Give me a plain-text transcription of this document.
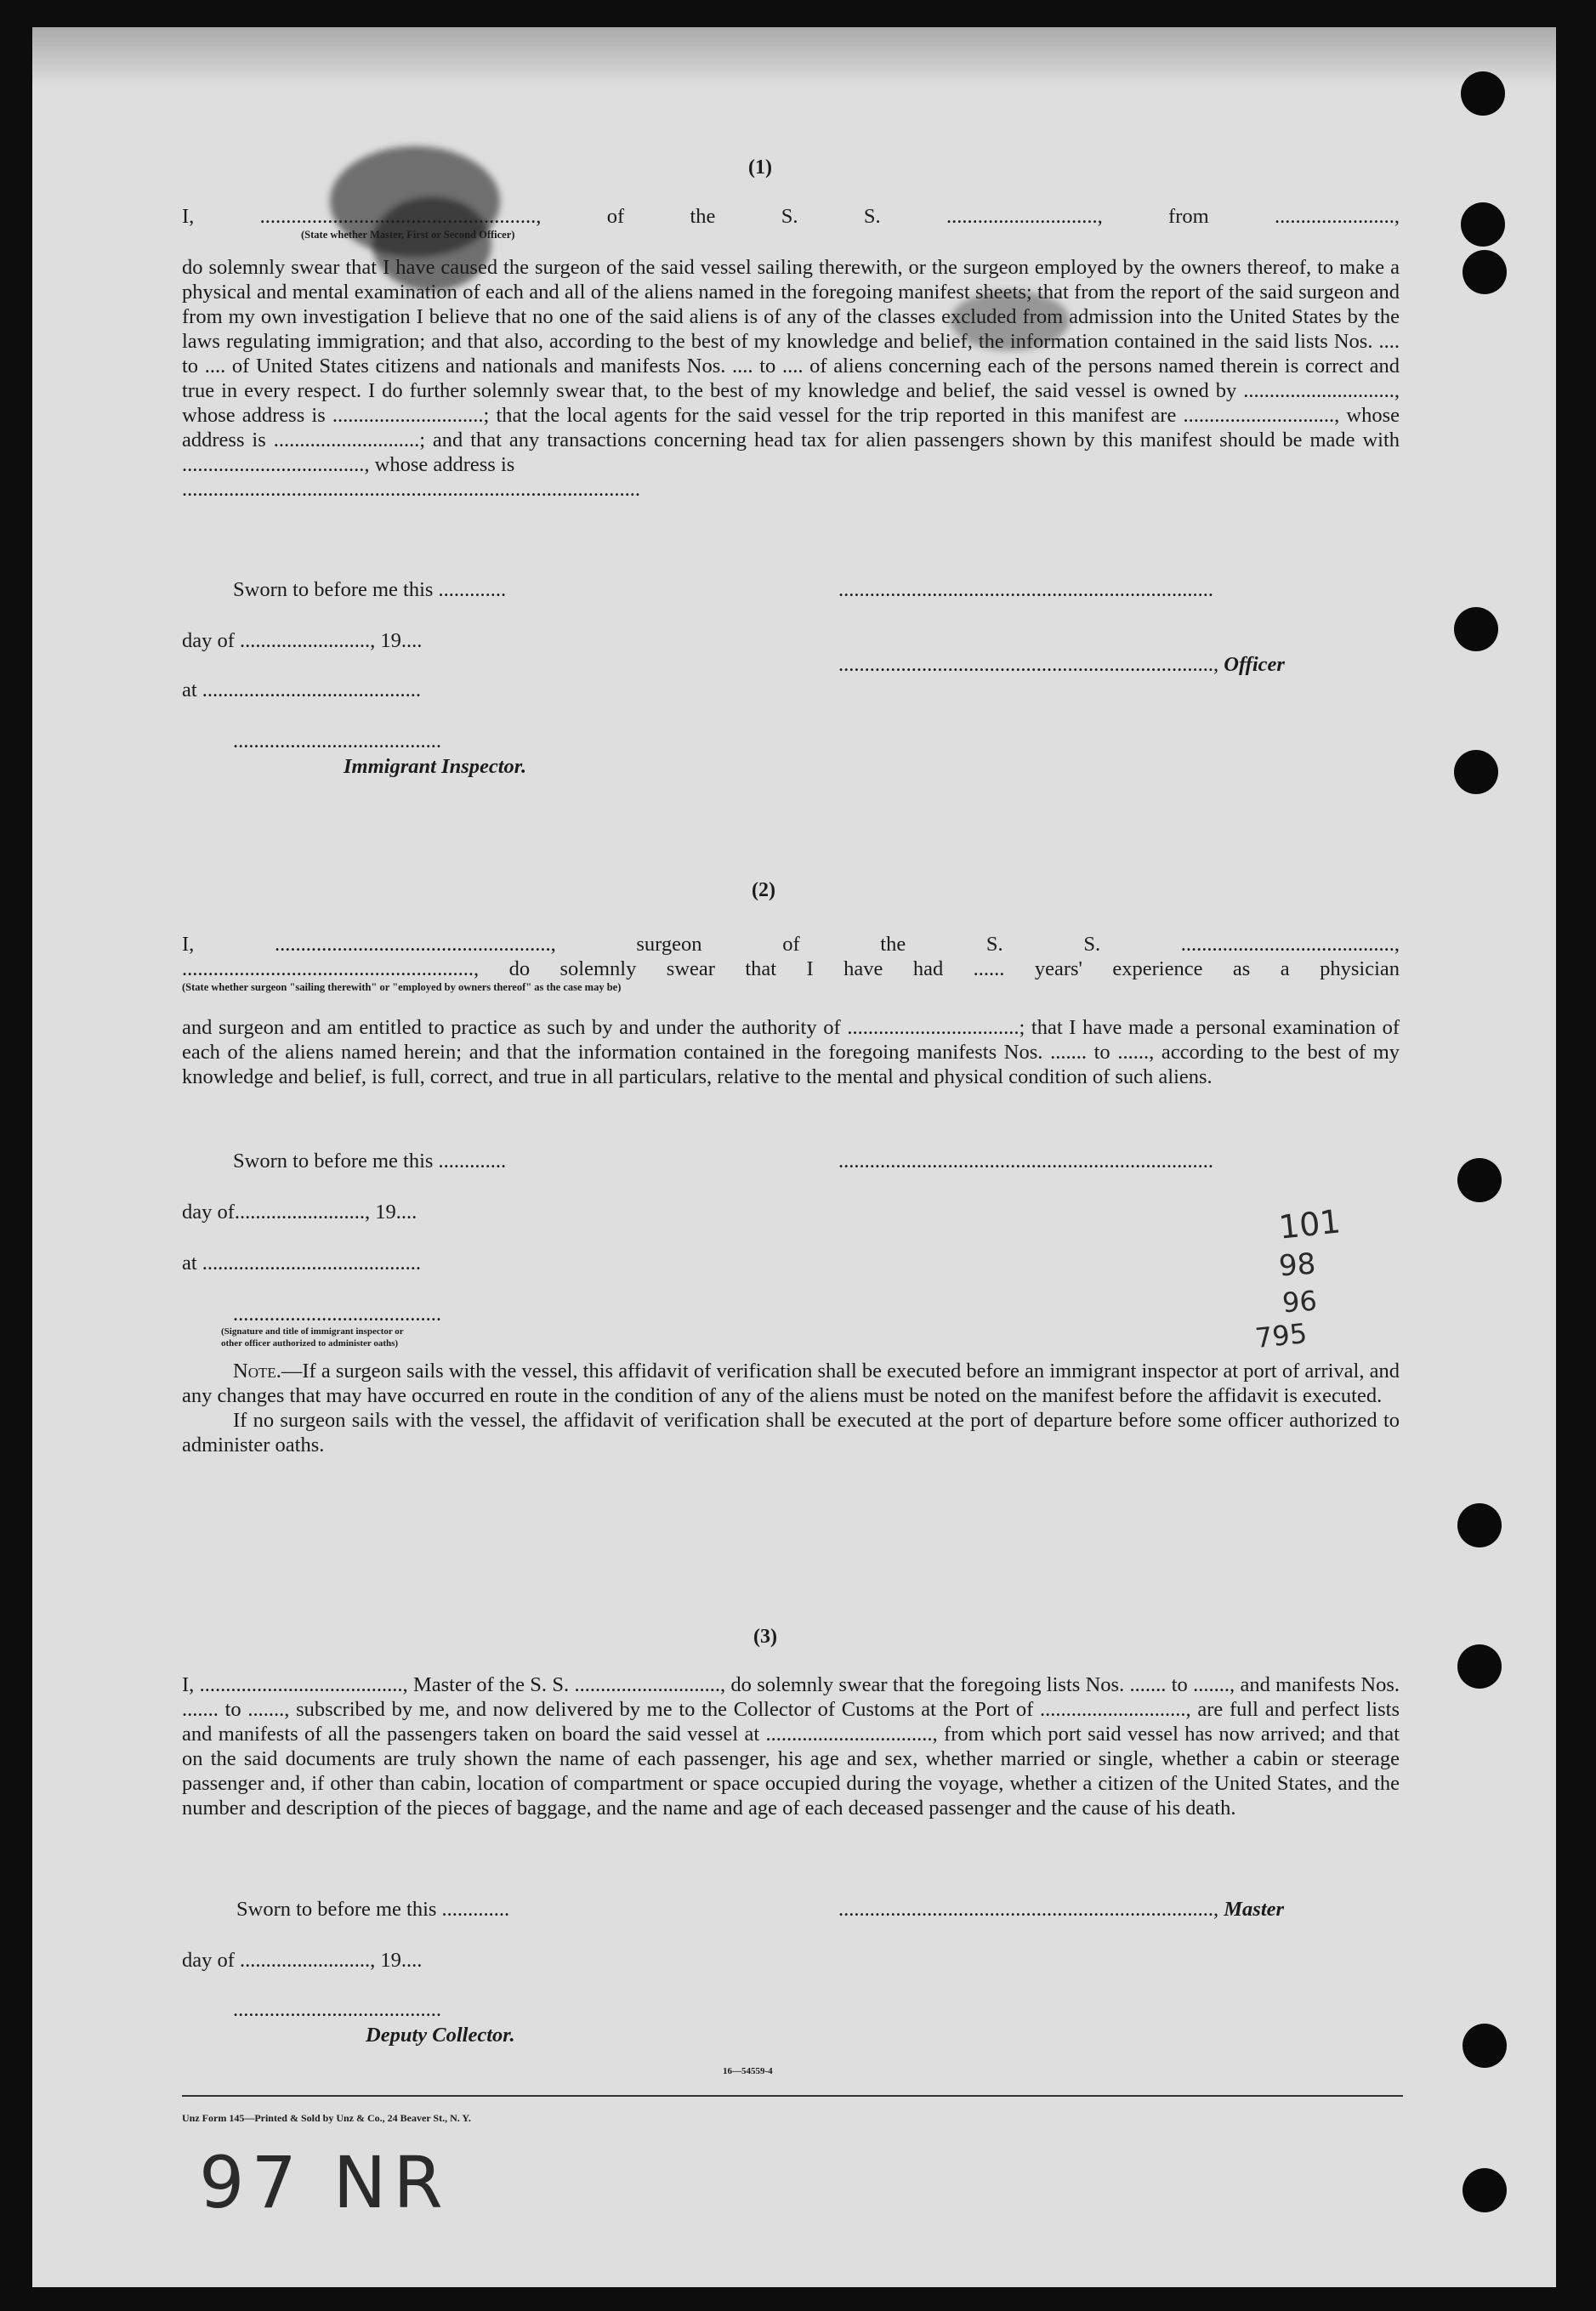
(1)

I, ....................................................., of the S. S. ............................., from .......................,

(State whether Master, First or Second Officer)

do solemnly swear that I have caused the surgeon of the said vessel sailing therewith, or the surgeon employed by the owners thereof, to make a physical and mental examination of each and all of the aliens named in the foregoing manifest sheets; that from the report of the said surgeon and from my own investigation I believe that no one of the said aliens is of any of the classes excluded from admission into the United States by the laws regulating immigration; and that also, according to the best of my knowledge and belief, the information contained in the said lists Nos. .... to .... of United States citizens and nationals and manifests Nos. .... to .... of aliens concerning each of the persons named therein is correct and true in every respect. I do further solemnly swear that, to the best of my knowledge and belief, the said vessel is owned by ............................., whose address is .............................; that the local agents for the said vessel for the trip reported in this manifest are ............................., whose address is ............................; and that any transactions concerning head tax for alien passengers shown by this manifest should be made with ..................................., whose address is

........................................................................................

Sworn to before me this .............	........................................................................
day of ........................., 19....
........................................................................, Officer
at ..........................................
........................................
Immigrant Inspector.
(2)

I, ....................................................., surgeon of the S. S. .........................................,

........................................................, do solemnly swear that I have had ...... years' experience as a physician

(State whether surgeon "sailing therewith" or "employed by owners thereof" as the case may be)

and surgeon and am entitled to practice as such by and under the authority of .................................; that I have made a personal examination of each of the aliens named herein; and that the information contained in the foregoing manifests Nos. ....... to ......, according to the best of my knowledge and belief, is full, correct, and true in all particulars, relative to the mental and physical condition of such aliens.

Sworn to before me this .............	........................................................................
day of........................., 19....
at ..........................................
........................................
(Signature and title of immigrant inspector or
other officer authorized to administer oaths)

Note.—If a surgeon sails with the vessel, this affidavit of verification shall be executed before an immigrant inspector at port of arrival, and any changes that may have occurred en route in the condition of any of the aliens must be noted on the manifest before the affidavit is executed.

If no surgeon sails with the vessel, the affidavit of verification shall be executed at the port of departure before some officer authorized to administer oaths.

101
98
96
795
(3)

I, ......................................., Master of the S. S. ............................, do solemnly swear that the foregoing lists Nos. ....... to ......., and manifests Nos. ....... to ......., subscribed by me, and now delivered by me to the Collector of Customs at the Port of ............................, are full and perfect lists and manifests of all the passengers taken on board the said vessel at ................................, from which port said vessel has now arrived; and that on the said documents are truly shown the name of each passenger, his age and sex, whether married or single, whether a cabin or steerage passenger and, if other than cabin, location of compartment or space occupied during the voyage, whether a citizen of the United States, and the number and description of the pieces of baggage, and the name and age of each deceased passenger and the cause of his death.

Sworn to before me this .............	........................................................................, Master
day of ........................., 19....
........................................
Deputy Collector.
16—54559-4
Unz Form 145—Printed & Sold by Unz & Co., 24 Beaver St., N. Y.
97 NR
